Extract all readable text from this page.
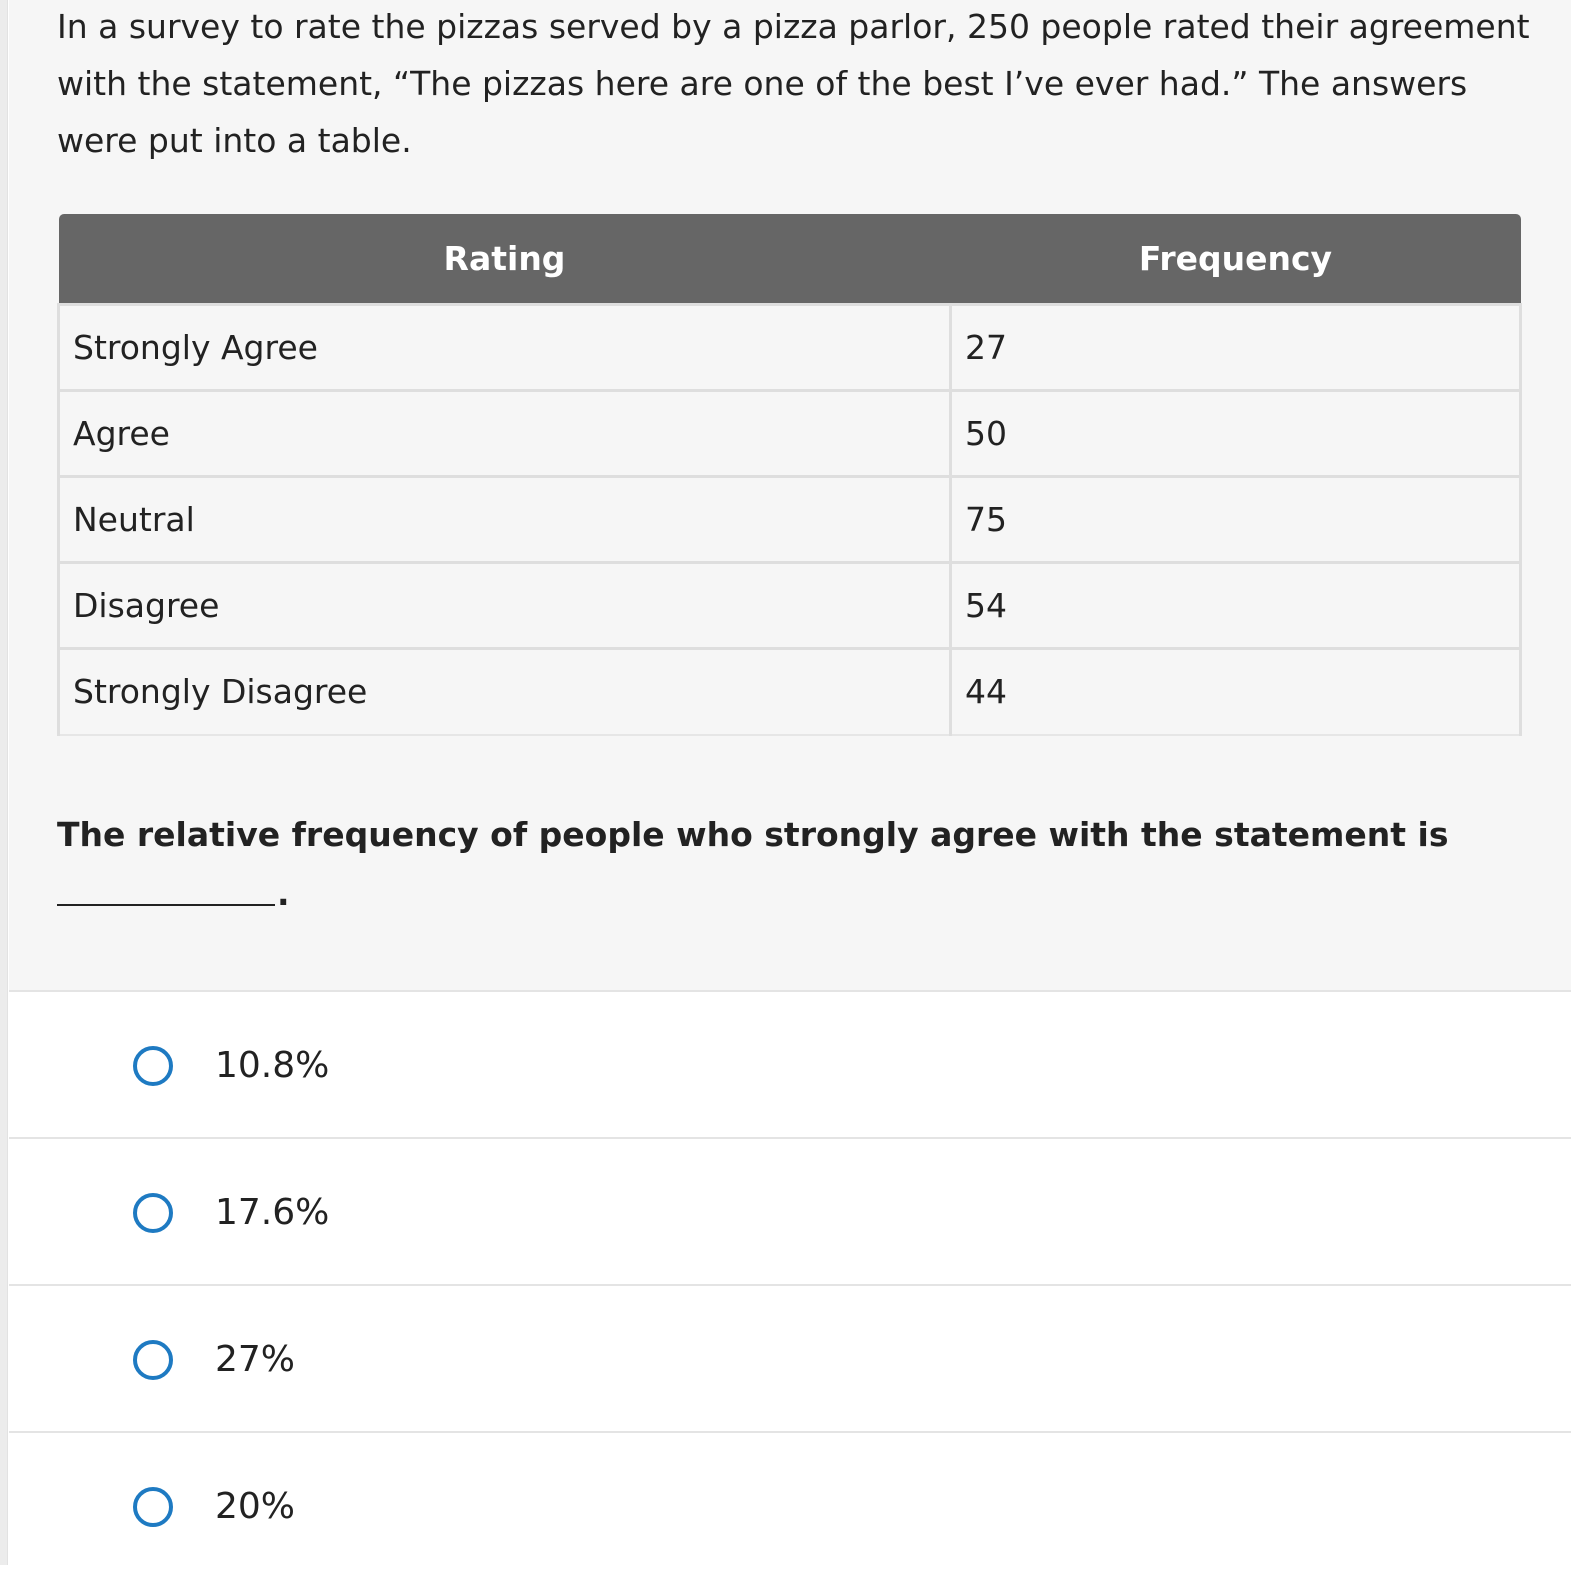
In a survey to rate the pizzas served by a pizza parlor, 250 people rated their agreement with the statement, “The pizzas here are one of the best I’ve ever had.” The answers were put into a table.

Rating	Frequency
Strongly Agree	27
Agree	50
Neutral	75
Disagree	54
Strongly Disagree	44

The relative frequency of people who strongly agree with the statement is

.
10.8%
17.6%
27%
20%
